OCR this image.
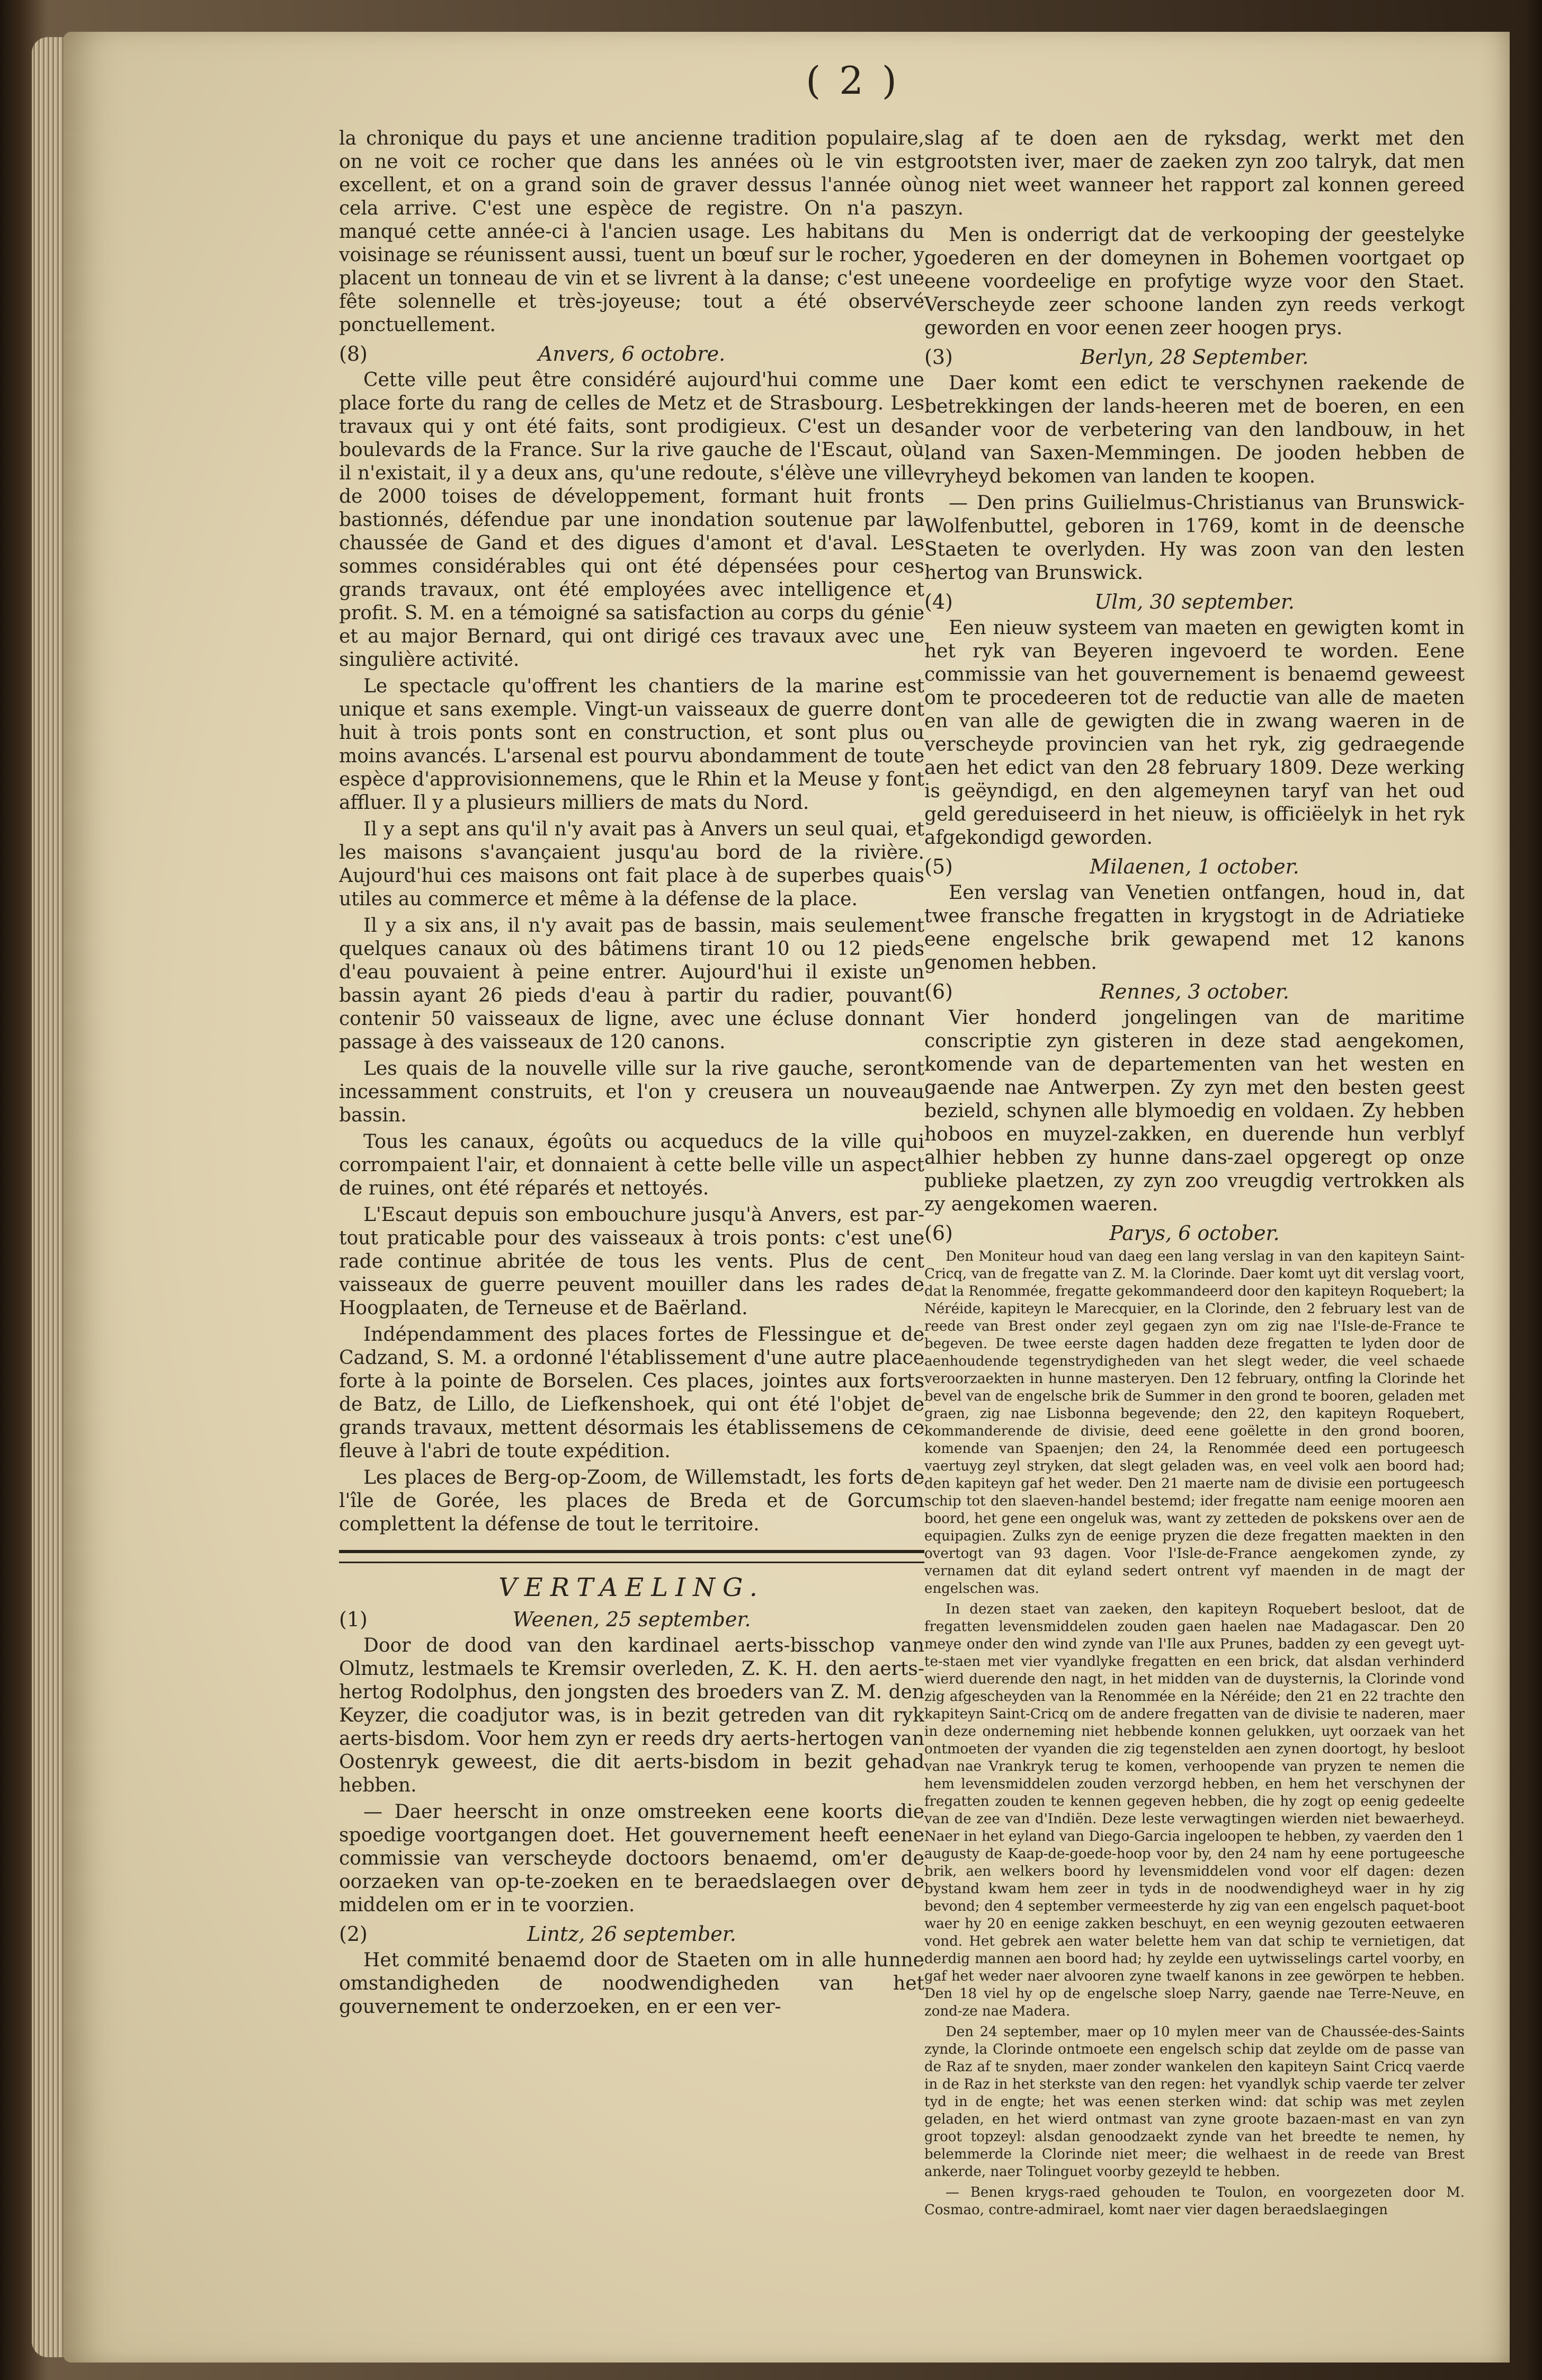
( 2 )

la chronique du pays et une ancienne tradition populaire, on ne voit ce rocher que dans les années où le vin est excellent, et on a grand soin de graver dessus l'année où cela arrive. C'est une espèce de registre. On n'a pas manqué cette année-ci à l'ancien usage. Les habitans du voisinage se réunissent aussi, tuent un bœuf sur le rocher, y placent un tonneau de vin et se livrent à la danse; c'est une fête solennelle et très-joyeuse; tout a été observé ponctuellement.

(8)	Anvers, 6 octobre.

Cette ville peut être considéré aujourd'hui comme une place forte du rang de celles de Metz et de Strasbourg. Les travaux qui y ont été faits, sont prodigieux. C'est un des boulevards de la France. Sur la rive gauche de l'Escaut, où il n'existait, il y a deux ans, qu'une redoute, s'élève une ville de 2000 toises de développement, formant huit fronts bastionnés, défendue par une inondation soutenue par la chaussée de Gand et des digues d'amont et d'aval. Les sommes considérables qui ont été dépensées pour ces grands travaux, ont été employées avec intelligence et profit. S. M. en a témoigné sa satisfaction au corps du génie et au major Bernard, qui ont dirigé ces travaux avec une singulière activité.

Le spectacle qu'offrent les chantiers de la marine est unique et sans exemple. Vingt-un vaisseaux de guerre dont huit à trois ponts sont en construction, et sont plus ou moins avancés. L'arsenal est pourvu abondamment de toute espèce d'approvisionnemens, que le Rhin et la Meuse y font affluer. Il y a plusieurs milliers de mats du Nord.

Il y a sept ans qu'il n'y avait pas à Anvers un seul quai, et les maisons s'avançaient jusqu'au bord de la rivière. Aujourd'hui ces maisons ont fait place à de superbes quais utiles au commerce et même à la défense de la place.

Il y a six ans, il n'y avait pas de bassin, mais seulement quelques canaux où des bâtimens tirant 10 ou 12 pieds d'eau pouvaient à peine entrer. Aujourd'hui il existe un bassin ayant 26 pieds d'eau à partir du radier, pouvant contenir 50 vaisseaux de ligne, avec une écluse donnant passage à des vaisseaux de 120 canons.

Les quais de la nouvelle ville sur la rive gauche, seront incessamment construits, et l'on y creusera un nouveau bassin.

Tous les canaux, égoûts ou acqueducs de la ville qui corrompaient l'air, et donnaient à cette belle ville un aspect de ruines, ont été réparés et nettoyés.

L'Escaut depuis son embouchure jusqu'à Anvers, est par-tout praticable pour des vaisseaux à trois ponts: c'est une rade continue abritée de tous les vents. Plus de cent vaisseaux de guerre peuvent mouiller dans les rades de Hoogplaaten, de Terneuse et de Baërland.

Indépendamment des places fortes de Flessingue et de Cadzand, S. M. a ordonné l'établissement d'une autre place forte à la pointe de Borselen. Ces places, jointes aux forts de Batz, de Lillo, de Liefkenshoek, qui ont été l'objet de grands travaux, mettent désormais les établissemens de ce fleuve à l'abri de toute expédition.

Les places de Berg-op-Zoom, de Willemstadt, les forts de l'île de Gorée, les places de Breda et de Gorcum complettent la défense de tout le territoire.

VERTAELING.
(1)	Weenen, 25 september.

Door de dood van den kardinael aerts-bisschop van Olmutz, lestmaels te Kremsir overleden, Z. K. H. den aerts-hertog Rodolphus, den jongsten des broeders van Z. M. den Keyzer, die coadjutor was, is in bezit getreden van dit ryk aerts-bisdom. Voor hem zyn er reeds dry aerts-hertogen van Oostenryk geweest, die dit aerts-bisdom in bezit gehad hebben.

— Daer heerscht in onze omstreeken eene koorts die spoedige voortgangen doet. Het gouvernement heeft eene commissie van verscheyde doctoors benaemd, om'er de oorzaeken van op-te-zoeken en te beraedslaegen over de middelen om er in te voorzien.

(2)	Lintz, 26 september.

Het commité benaemd door de Staeten om in alle hunne omstandigheden de noodwendigheden van het gouvernement te onderzoeken, en er een ver-

slag af te doen aen de ryksdag, werkt met den grootsten iver, maer de zaeken zyn zoo talryk, dat men nog niet weet wanneer het rapport zal konnen gereed zyn.

Men is onderrigt dat de verkooping der geestelyke goederen en der domeynen in Bohemen voortgaet op eene voordeelige en profytige wyze voor den Staet. Verscheyde zeer schoone landen zyn reeds verkogt geworden en voor eenen zeer hoogen prys.

(3)	Berlyn, 28 September.

Daer komt een edict te verschynen raekende de betrekkingen der lands-heeren met de boeren, en een ander voor de verbetering van den landbouw, in het land van Saxen-Memmingen. De jooden hebben de vryheyd bekomen van landen te koopen.

— Den prins Guilielmus-Christianus van Brunswick-Wolfenbuttel, geboren in 1769, komt in de deensche Staeten te overlyden. Hy was zoon van den lesten hertog van Brunswick.

(4)	Ulm, 30 september.

Een nieuw systeem van maeten en gewigten komt in het ryk van Beyeren ingevoerd te worden. Eene commissie van het gouvernement is benaemd geweest om te procedeeren tot de reductie van alle de maeten en van alle de gewigten die in zwang waeren in de verscheyde provincien van het ryk, zig gedraegende aen het edict van den 28 february 1809. Deze werking is geëyndigd, en den algemeynen taryf van het oud geld gereduiseerd in het nieuw, is officiëelyk in het ryk afgekondigd geworden.

(5)	Milaenen, 1 october.

Een verslag van Venetien ontfangen, houd in, dat twee fransche fregatten in krygstogt in de Adriatieke eene engelsche brik gewapend met 12 kanons genomen hebben.

(6)	Rennes, 3 october.

Vier honderd jongelingen van de maritime conscriptie zyn gisteren in deze stad aengekomen, komende van de departementen van het westen en gaende nae Antwerpen. Zy zyn met den besten geest bezield, schynen alle blymoedig en voldaen. Zy hebben hoboos en muyzel-zakken, en duerende hun verblyf alhier hebben zy hunne dans-zael opgeregt op onze publieke plaetzen, zy zyn zoo vreugdig vertrokken als zy aengekomen waeren.

(6)	Parys, 6 october.

Den Moniteur houd van daeg een lang verslag in van den kapiteyn Saint-Cricq, van de fregatte van Z. M. la Clorinde. Daer komt uyt dit verslag voort, dat la Renommée, fregatte gekommandeerd door den kapiteyn Roquebert; la Néréide, kapiteyn le Marecquier, en la Clorinde, den 2 february lest van de reede van Brest onder zeyl gegaen zyn om zig nae l'Isle-de-France te begeven. De twee eerste dagen hadden deze fregatten te lyden door de aenhoudende tegenstrydigheden van het slegt weder, die veel schaede veroorzaekten in hunne masteryen. Den 12 february, ontfing la Clorinde het bevel van de engelsche brik de Summer in den grond te booren, geladen met graen, zig nae Lisbonna begevende; den 22, den kapiteyn Roquebert, kommanderende de divisie, deed eene goëlette in den grond booren, komende van Spaenjen; den 24, la Renommée deed een portugeesch vaertuyg zeyl stryken, dat slegt geladen was, en veel volk aen boord had; den kapiteyn gaf het weder. Den 21 maerte nam de divisie een portugeesch schip tot den slaeven-handel bestemd; ider fregatte nam eenige mooren aen boord, het gene een ongeluk was, want zy zetteden de pokskens over aen de equipagien. Zulks zyn de eenige pryzen die deze fregatten maekten in den overtogt van 93 dagen. Voor l'Isle-de-France aengekomen zynde, zy vernamen dat dit eyland sedert ontrent vyf maenden in de magt der engelschen was.

In dezen staet van zaeken, den kapiteyn Roquebert besloot, dat de fregatten levensmiddelen zouden gaen haelen nae Madagascar. Den 20 meye onder den wind zynde van l'Ile aux Prunes, badden zy een gevegt uyt-te-staen met vier vyandlyke fregatten en een brick, dat alsdan verhinderd wierd duerende den nagt, in het midden van de duysternis, la Clorinde vond zig afgescheyden van la Renommée en la Néréide; den 21 en 22 trachte den kapiteyn Saint-Cricq om de andere fregatten van de divisie te naderen, maer in deze onderneming niet hebbende konnen gelukken, uyt oorzaek van het ontmoeten der vyanden die zig tegenstelden aen zynen doortogt, hy besloot van nae Vrankryk terug te komen, verhoopende van pryzen te nemen die hem levensmiddelen zouden verzorgd hebben, en hem het verschynen der fregatten zouden te kennen gegeven hebben, die hy zogt op eenig gedeelte van de zee van d'Indiën. Deze leste verwagtingen wierden niet bewaerheyd. Naer in het eyland van Diego-Garcia ingeloopen te hebben, zy vaerden den 1 augusty de Kaap-de-goede-hoop voor by, den 24 nam hy eene portugeesche brik, aen welkers boord hy levensmiddelen vond voor elf dagen: dezen bystand kwam hem zeer in tyds in de noodwendigheyd waer in hy zig bevond; den 4 september vermeesterde hy zig van een engelsch paquet-boot waer hy 20 en eenige zakken beschuyt, en een weynig gezouten eetwaeren vond. Het gebrek aen water belette hem van dat schip te vernietigen, dat derdig mannen aen boord had; hy zeylde een uytwisselings cartel voorby, en gaf het weder naer alvooren zyne twaelf kanons in zee gewörpen te hebben. Den 18 viel hy op de engelsche sloep Narry, gaende nae Terre-Neuve, en zond-ze nae Madera.

Den 24 september, maer op 10 mylen meer van de Chaussée-des-Saints zynde, la Clorinde ontmoete een engelsch schip dat zeylde om de passe van de Raz af te snyden, maer zonder wankelen den kapiteyn Saint Cricq vaerde in de Raz in het sterkste van den regen: het vyandlyk schip vaerde ter zelver tyd in de engte; het was eenen sterken wind: dat schip was met zeylen geladen, en het wierd ontmast van zyne groote bazaen-mast en van zyn groot topzeyl: alsdan genoodzaekt zynde van het breedte te nemen, hy belemmerde la Clorinde niet meer; die welhaest in de reede van Brest ankerde, naer Tolinguet voorby gezeyld te hebben.

— Benen krygs-raed gehouden te Toulon, en voorgezeten door M. Cosmao, contre-admirael, komt naer vier dagen beraedslaegingen
